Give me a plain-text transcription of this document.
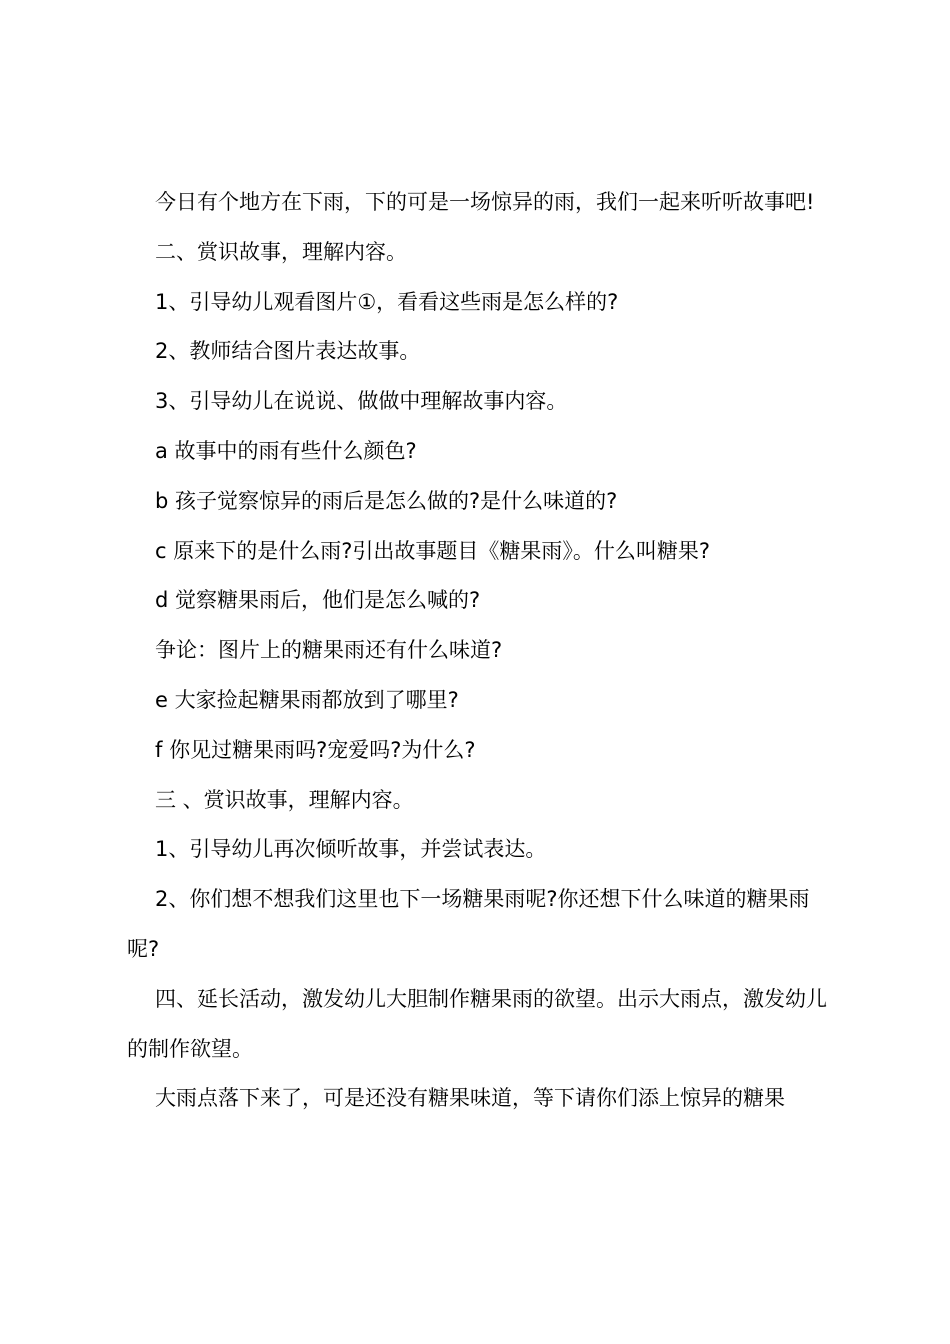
今日有个地方在下雨，下的可是一场惊异的雨，我们一起来听听故事吧!

二、赏识故事，理解内容。

1、引导幼儿观看图片①，看看这些雨是怎么样的?

2、教师结合图片表达故事。

3、引导幼儿在说说、做做中理解故事内容。

a 故事中的雨有些什么颜色?

b 孩子觉察惊异的雨后是怎么做的?是什么味道的?

c 原来下的是什么雨?引出故事题目《糖果雨》。什么叫糖果?

d 觉察糖果雨后，他们是怎么喊的?

争论：图片上的糖果雨还有什么味道?

e 大家捡起糖果雨都放到了哪里?

f 你见过糖果雨吗?宠爱吗?为什么?

三 、赏识故事，理解内容。

1、引导幼儿再次倾听故事，并尝试表达。

2、你们想不想我们这里也下一场糖果雨呢?你还想下什么味道的糖果雨呢?

四、延长活动，激发幼儿大胆制作糖果雨的欲望。出示大雨点，激发幼儿的制作欲望。

大雨点落下来了，可是还没有糖果味道，等下请你们添上惊异的糖果
